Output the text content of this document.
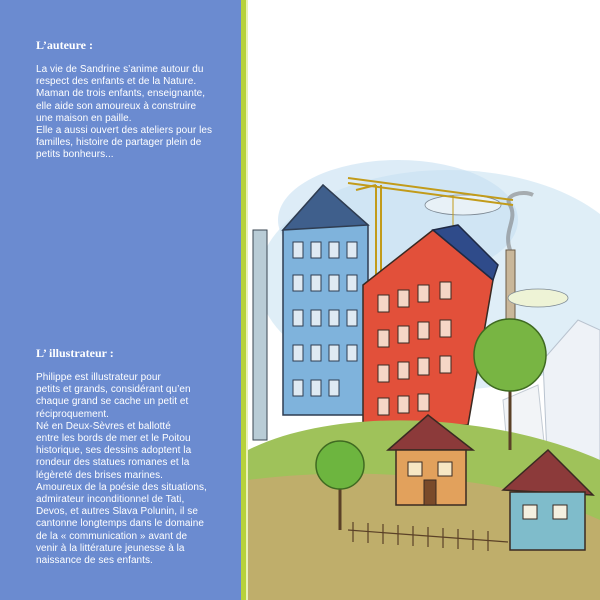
L’auteure :
La vie de Sandrine s’anime autour du
respect des enfants et de la Nature.
Maman de trois enfants, enseignante,
elle aide son amoureux à construire
une maison en paille.
Elle a aussi ouvert des ateliers pour les
familles, histoire de partager plein de
petits bonheurs...
L’ illustrateur :
Philippe est illustrateur pour
petits et grands, considérant qu’en
chaque grand se cache un petit et
réciproquement.
Né en Deux-Sèvres et ballotté
entre les bords de mer et le Poitou
historique, ses dessins adoptent la
rondeur des statues romanes et la
légèreté des brises marines.
Amoureux de la poésie des situations,
admirateur inconditionnel de Tati,
Devos, et autres Slava Polunin, il se
cantonne longtemps dans le domaine
de la « communication » avant de
venir à la littérature jeunesse à la
naissance de ses enfants.
